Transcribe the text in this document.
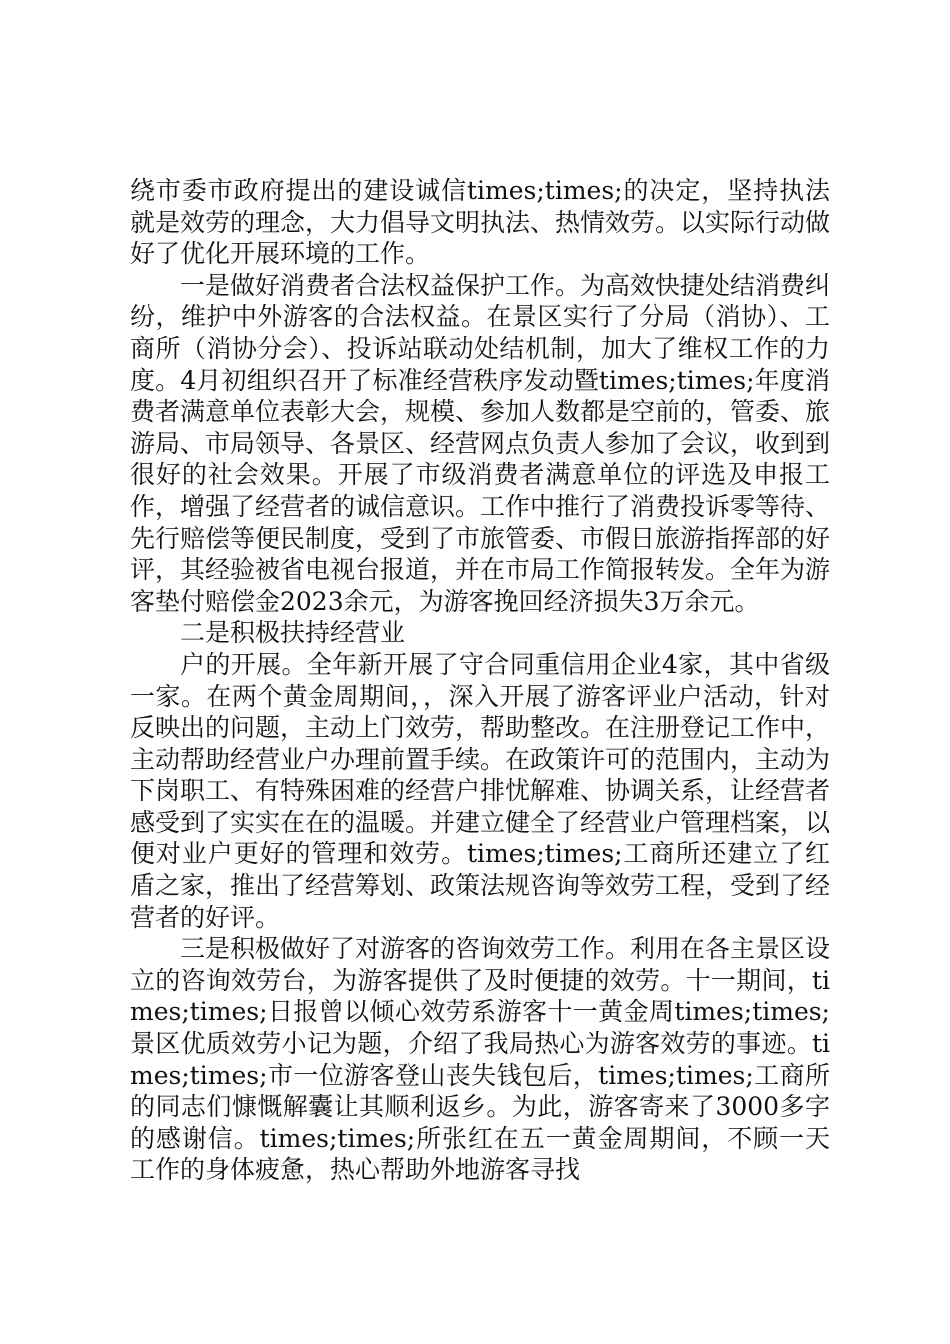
绕市委市政府提出的建设诚信times;times;的决定，坚持执法就是效劳的理念，大力倡导文明执法、热情效劳。以实际行动做好了优化开展环境的工作。

一是做好消费者合法权益保护工作。为高效快捷处结消费纠纷，维护中外游客的合法权益。在景区实行了分局（消协）、工商所（消协分会）、投诉站联动处结机制，加大了维权工作的力度。4月初组织召开了标准经营秩序发动暨times;times;年度消费者满意单位表彰大会，规模、参加人数都是空前的，管委、旅游局、市局领导、各景区、经营网点负责人参加了会议，收到到很好的社会效果。开展了市级消费者满意单位的评选及申报工作，增强了经营者的诚信意识。工作中推行了消费投诉零等待、先行赔偿等便民制度，受到了市旅管委、市假日旅游指挥部的好评，其经验被省电视台报道，并在市局工作简报转发。全年为游客垫付赔偿金2023余元，为游客挽回经济损失3万余元。

二是积极扶持经营业

户的开展。全年新开展了守合同重信用企业4家，其中省级一家。在两个黄金周期间，，深入开展了游客评业户活动，针对反映出的问题，主动上门效劳，帮助整改。在注册登记工作中，主动帮助经营业户办理前置手续。在政策许可的范围内，主动为下岗职工、有特殊困难的经营户排忧解难、协调关系，让经营者感受到了实实在在的温暖。并建立健全了经营业户管理档案，以便对业户更好的管理和效劳。times;times;工商所还建立了红盾之家，推出了经营筹划、政策法规咨询等效劳工程，受到了经营者的好评。

三是积极做好了对游客的咨询效劳工作。利用在各主景区设立的咨询效劳台，为游客提供了及时便捷的效劳。十一期间，times;times;日报曾以倾心效劳系游客十一黄金周times;times;景区优质效劳小记为题，介绍了我局热心为游客效劳的事迹。times;times;市一位游客登山丧失钱包后，times;times;工商所的同志们慷慨解囊让其顺利返乡。为此，游客寄来了3000多字的感谢信。times;times;所张红在五一黄金周期间，不顾一天工作的身体疲惫，热心帮助外地游客寻找
